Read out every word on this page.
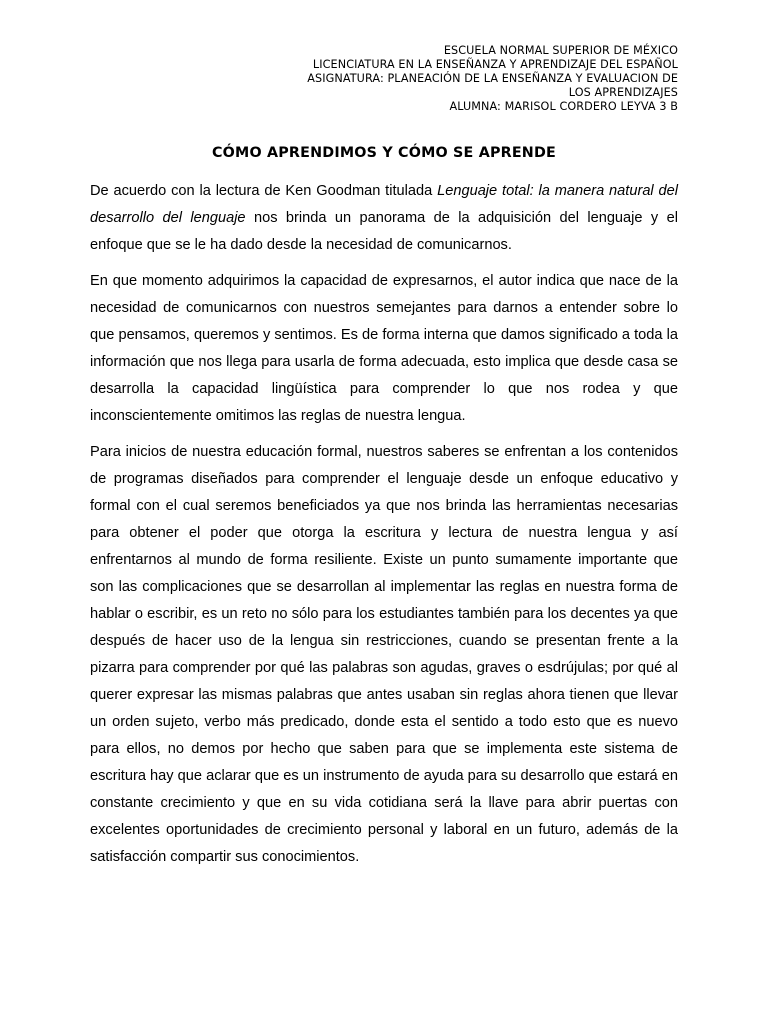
ESCUELA NORMAL SUPERIOR DE MÉXICO
LICENCIATURA EN LA ENSEÑANZA Y APRENDIZAJE DEL ESPAÑOL
ASIGNATURA: PLANEACIÓN DE LA ENSEÑANZA Y EVALUACION DE
LOS APRENDIZAJES
ALUMNA: MARISOL CORDERO LEYVA 3 B
CÓMO APRENDIMOS Y CÓMO SE APRENDE

De acuerdo con la lectura de Ken Goodman titulada Lenguaje total: la manera natural del desarrollo del lenguaje nos brinda un panorama de la adquisición del lenguaje y el enfoque que se le ha dado desde la necesidad de comunicarnos.

En que momento adquirimos la capacidad de expresarnos, el autor indica que nace de la necesidad de comunicarnos con nuestros semejantes para darnos a entender sobre lo que pensamos, queremos y sentimos. Es de forma interna que damos significado a toda la información que nos llega para usarla de forma adecuada, esto implica que desde casa se desarrolla la capacidad lingüística para comprender lo que nos rodea y que inconscientemente omitimos las reglas de nuestra lengua.

Para inicios de nuestra educación formal, nuestros saberes se enfrentan a los contenidos de programas diseñados para comprender el lenguaje desde un enfoque educativo y formal con el cual seremos beneficiados ya que nos brinda las herramientas necesarias para obtener el poder que otorga la escritura y lectura de nuestra lengua y así enfrentarnos al mundo de forma resiliente. Existe un punto sumamente importante que son las complicaciones que se desarrollan al implementar las reglas en nuestra forma de hablar o escribir, es un reto no sólo para los estudiantes también para los decentes ya que después de hacer uso de la lengua sin restricciones, cuando se presentan frente a la pizarra para comprender por qué las palabras son agudas, graves o esdrújulas; por qué al querer expresar las mismas palabras que antes usaban sin reglas ahora tienen que llevar un orden sujeto, verbo más predicado, donde esta el sentido a todo esto que es nuevo para ellos, no demos por hecho que saben para que se implementa este sistema de escritura hay que aclarar que es un instrumento de ayuda para su desarrollo que estará en constante crecimiento y que en su vida cotidiana será la llave para abrir puertas con excelentes oportunidades de crecimiento personal y laboral en un futuro, además de la satisfacción compartir sus conocimientos.
